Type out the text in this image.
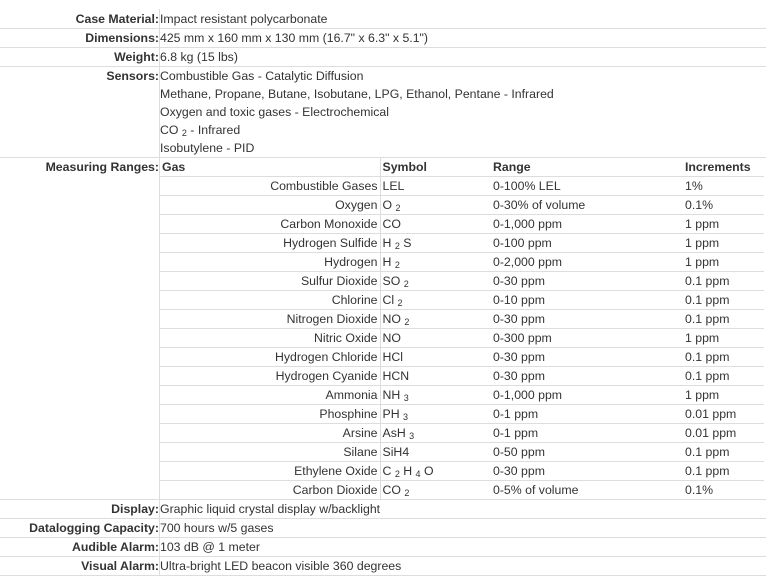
Case Material:	Impact resistant polycarbonate
Dimensions:	425 mm x 160 mm x 130 mm (16.7" x 6.3" x 5.1")
Weight:	6.8 kg (15 lbs)
Sensors:	Combustible Gas - Catalytic Diffusion
Methane, Propane, Butane, Isobutane, LPG, Ethanol, Pentane - Infrared
Oxygen and toxic gases - Electrochemical
CO $_2$ - Infrared
Isobutylene - PID

Measuring Ranges:	Gas	Symbol	Range	Increments
Combustible Gases	LEL	0-100% LEL	1%
Oxygen	O $_2$	0-30% of volume	0.1%
Carbon Monoxide	CO	0-1,000 ppm	1 ppm
Hydrogen Sulfide	H $_2$ S	0-100 ppm	1 ppm
Hydrogen	H $_2$	0-2,000 ppm	1 ppm
Sulfur Dioxide	SO $_2$	0-30 ppm	0.1 ppm
Chlorine	Cl $_2$	0-10 ppm	0.1 ppm
Nitrogen Dioxide	NO $_2$	0-30 ppm	0.1 ppm
Nitric Oxide	NO	0-300 ppm	1 ppm
Hydrogen Chloride	HCl	0-30 ppm	0.1 ppm
Hydrogen Cyanide	HCN	0-30 ppm	0.1 ppm
Ammonia	NH $_3$	0-1,000 ppm	1 ppm
Phosphine	PH $_3$	0-1 ppm	0.01 ppm
Arsine	AsH $_3$	0-1 ppm	0.01 ppm
Silane	SiH4	0-50 ppm	0.1 ppm
Ethylene Oxide	C $_2$ H $_4$ O	0-30 ppm	0.1 ppm
Carbon Dioxide	CO $_2$	0-5% of volume	0.1%

Display:	Graphic liquid crystal display w/backlight
Datalogging Capacity:	700 hours w/5 gases
Audible Alarm:	103 dB @ 1 meter
Visual Alarm:	Ultra-bright LED beacon visible 360 degrees
